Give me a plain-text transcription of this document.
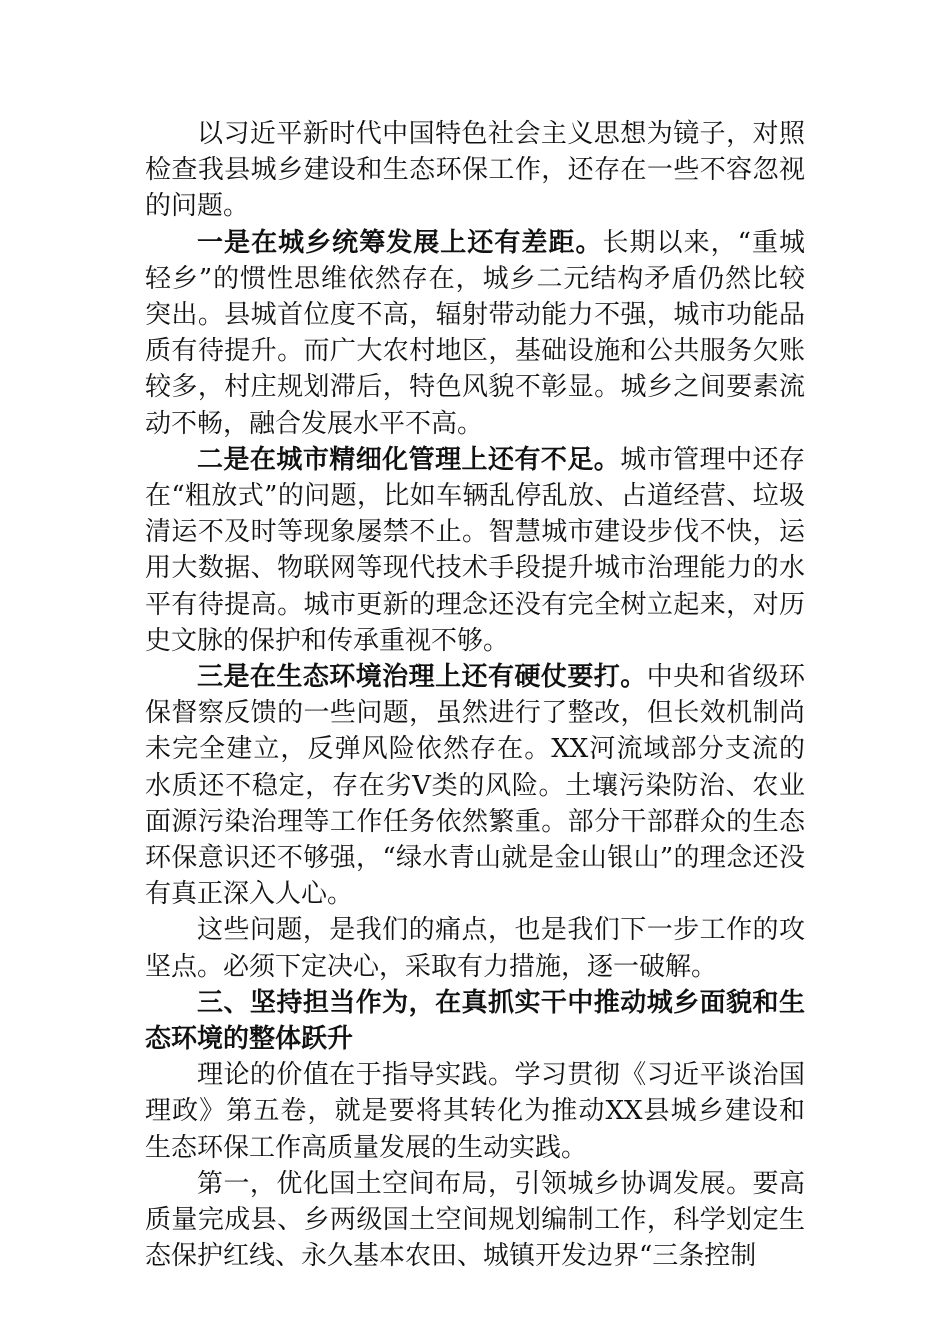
以习近平新时代中国特色社会主义思想为镜子，对照检查我县城乡建设和生态环保工作，还存在一些不容忽视的问题。

一是在城乡统筹发展上还有差距。长期以来，“重城轻乡”的惯性思维依然存在，城乡二元结构矛盾仍然比较突出。县城首位度不高，辐射带动能力不强，城市功能品质有待提升。而广大农村地区，基础设施和公共服务欠账较多，村庄规划滞后，特色风貌不彰显。城乡之间要素流动不畅，融合发展水平不高。

二是在城市精细化管理上还有不足。城市管理中还存在“粗放式”的问题，比如车辆乱停乱放、占道经营、垃圾清运不及时等现象屡禁不止。智慧城市建设步伐不快，运用大数据、物联网等现代技术手段提升城市治理能力的水平有待提高。城市更新的理念还没有完全树立起来，对历史文脉的保护和传承重视不够。

三是在生态环境治理上还有硬仗要打。中央和省级环保督察反馈的一些问题，虽然进行了整改，但长效机制尚未完全建立，反弹风险依然存在。XX河流域部分支流的水质还不稳定，存在劣V类的风险。土壤污染防治、农业面源污染治理等工作任务依然繁重。部分干部群众的生态环保意识还不够强，“绿水青山就是金山银山”的理念还没有真正深入人心。

这些问题，是我们的痛点，也是我们下一步工作的攻坚点。必须下定决心，采取有力措施，逐一破解。

三、坚持担当作为，在真抓实干中推动城乡面貌和生态环境的整体跃升

理论的价值在于指导实践。学习贯彻《习近平谈治国理政》第五卷，就是要将其转化为推动XX县城乡建设和生态环保工作高质量发展的生动实践。

第一，优化国土空间布局，引领城乡协调发展。要高质量完成县、乡两级国土空间规划编制工作，科学划定生态保护红线、永久基本农田、城镇开发边界“三条控制
